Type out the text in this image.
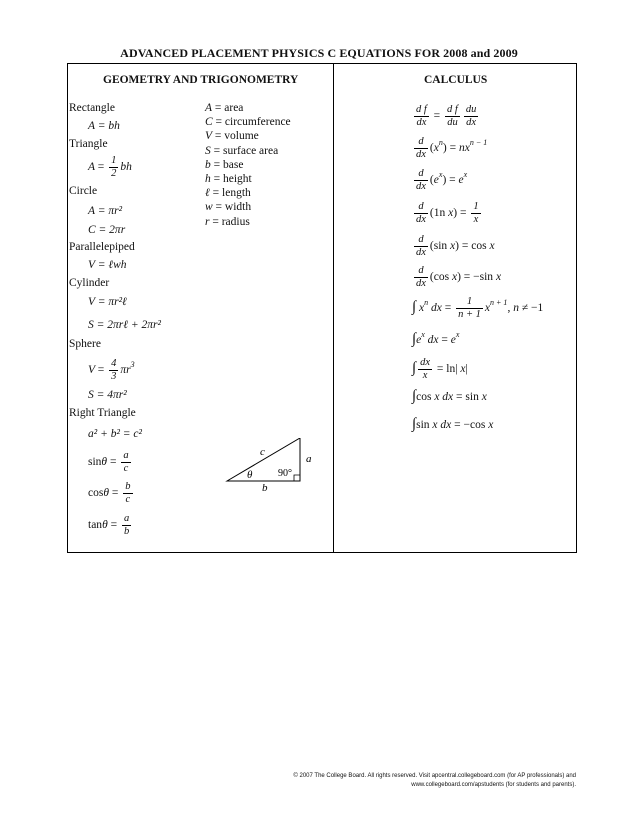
ADVANCED PLACEMENT PHYSICS C EQUATIONS FOR 2008 and 2009
GEOMETRY AND TRIGONOMETRY	CALCULUS
Rectangle
A = bh
Triangle
$A = \frac{1}{2}$ bh
Circle
A = πr²
C = 2πr
Parallelepiped
V = ℓwh
Cylinder
V = πr²ℓ
S = 2πrℓ + 2πr²
Sphere
$V = \frac{4}{3} \pi r^3$
S = 4πr²
Right Triangle
a² + b² = c²
$\sin\theta = \frac{a}{c}$
$\cos\theta = \frac{b}{c}$
$\tan\theta = \frac{a}{b}$
A = area
C = circumference
V = volume
S = surface area
b = base
h = height
ℓ = length
w = width
r = radius
c
a
b
θ	90°
$\frac{\text{d f}}{dx} = \frac{\text{d f}}{du} \frac{du}{dx}$
$\frac{d}{dx} (x^n) = nx^{n - 1}$
$\frac{d}{dx} (e^x) = e^x$
$\frac{d}{dx} (1n$ $x) = \frac{1}{x}$
$\frac{d}{dx} (\sin$ x) = cos x
$\frac{d}{dx} (\cos$ x) = −sin x
∫ $x^n$ dx = $\frac{1}{n + 1} x^{n + 1}$, n ≠ −1
$\int e^x$ dx = $e^x$
∫ $\frac{dx}{x} = \ln|$ x|
∫cos x dx = sin x
∫sin x dx = −cos x
© 2007 The College Board. All rights reserved. Visit apcentral.collegeboard.com (for AP professionals) and
www.collegeboard.com/apstudents (for students and parents).
